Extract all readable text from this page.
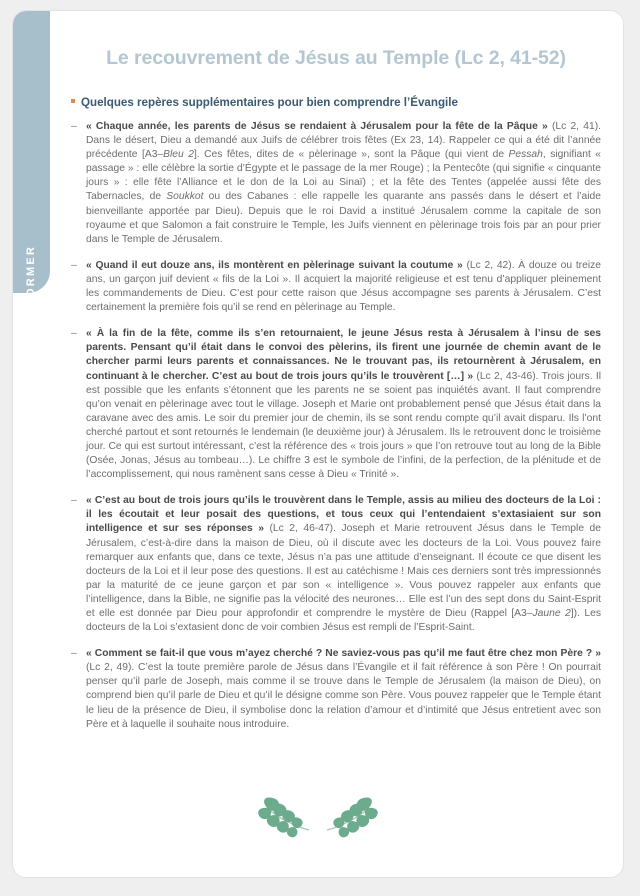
ÉTAPE 1 · SE FORMER
Le recouvrement de Jésus au Temple (Lc 2, 41-52)
Quelques repères supplémentaires pour bien comprendre l’Évangile
– « Chaque année, les parents de Jésus se rendaient à Jérusalem pour la fête de la Pâque » (Lc 2, 41). Dans le désert, Dieu a demandé aux Juifs de célébrer trois fêtes (Ex 23, 14). Rappeler ce qui a été dit l’année précédente [A3–Bleu 2]. Ces fêtes, dites de « pèlerinage », sont la Pâque (qui vient de Pessah, signifiant « passage » : elle célèbre la sortie d’Égypte et le passage de la mer Rouge) ; la Pentecôte (qui signifie « cinquante jours » : elle fête l’Alliance et le don de la Loi au Sinaï) ; et la fête des Tentes (appelée aussi fête des Tabernacles, de Soukkot ou des Cabanes : elle rappelle les quarante ans passés dans le désert et l’aide bienveillante apportée par Dieu). Depuis que le roi David a institué Jérusalem comme la capitale de son royaume et que Salomon a fait construire le Temple, les Juifs viennent en pèlerinage trois fois par an pour prier dans le Temple de Jérusalem.
– « Quand il eut douze ans, ils montèrent en pèlerinage suivant la coutume » (Lc 2, 42). À douze ou treize ans, un garçon juif devient « fils de la Loi ». Il acquiert la majorité religieuse et est tenu d’appliquer pleinement les commandements de Dieu. C’est pour cette raison que Jésus accompagne ses parents à Jérusalem. C’est certainement la première fois qu’il se rend en pèlerinage au Temple.
– « À la fin de la fête, comme ils s’en retournaient, le jeune Jésus resta à Jérusalem à l’insu de ses parents. Pensant qu’il était dans le convoi des pèlerins, ils firent une journée de chemin avant de le chercher parmi leurs parents et connaissances. Ne le trouvant pas, ils retournèrent à Jérusalem, en continuant à le chercher. C’est au bout de trois jours qu’ils le trouvèrent […] » (Lc 2, 43-46). Trois jours. Il est possible que les enfants s’étonnent que les parents ne se soient pas inquiétés avant. Il faut comprendre qu’on venait en pèlerinage avec tout le village. Joseph et Marie ont probablement pensé que Jésus était dans la caravane avec des amis. Le soir du premier jour de chemin, ils se sont rendu compte qu’il avait disparu. Ils l’ont cherché partout et sont retournés le lendemain (le deuxième jour) à Jérusalem. Ils le retrouvent donc le troisième jour. Ce qui est surtout intéressant, c’est la référence des « trois jours » que l’on retrouve tout au long de la Bible (Osée, Jonas, Jésus au tombeau…). Le chiffre 3 est le symbole de l’infini, de la perfection, de la plénitude et de l’accomplissement, qui nous ramènent sans cesse à Dieu « Trinité ».
– « C’est au bout de trois jours qu’ils le trouvèrent dans le Temple, assis au milieu des docteurs de la Loi : il les écoutait et leur posait des questions, et tous ceux qui l’entendaient s’extasiaient sur son intelligence et sur ses réponses » (Lc 2, 46-47). Joseph et Marie retrouvent Jésus dans le Temple de Jérusalem, c’est-à-dire dans la maison de Dieu, où il discute avec les docteurs de la Loi. Vous pouvez faire remarquer aux enfants que, dans ce texte, Jésus n’a pas une attitude d’enseignant. Il écoute ce que disent les docteurs de la Loi et il leur pose des questions. Il est au catéchisme ! Mais ces derniers sont très impressionnés par la maturité de ce jeune garçon et par son « intelligence ». Vous pouvez rappeler aux enfants que l’intelligence, dans la Bible, ne signifie pas la vélocité des neurones… Elle est l’un des sept dons du Saint-Esprit et elle est donnée par Dieu pour approfondir et comprendre le mystère de Dieu (Rappel [A3–Jaune 2]). Les docteurs de la Loi s’extasient donc de voir combien Jésus est rempli de l’Esprit-Saint.
– « Comment se fait-il que vous m’ayez cherché ? Ne saviez-vous pas qu’il me faut être chez mon Père ? » (Lc 2, 49). C’est la toute première parole de Jésus dans l’Évangile et il fait référence à son Père ! On pourrait penser qu’il parle de Joseph, mais comme il se trouve dans le Temple de Jérusalem (la maison de Dieu), on comprend bien qu’il parle de Dieu et qu’il le désigne comme son Père. Vous pouvez rappeler que le Temple étant le lieu de la présence de Dieu, il symbolise donc la relation d’amour et d’intimité que Jésus entretient avec son Père et à laquelle il souhaite nous introduire.
